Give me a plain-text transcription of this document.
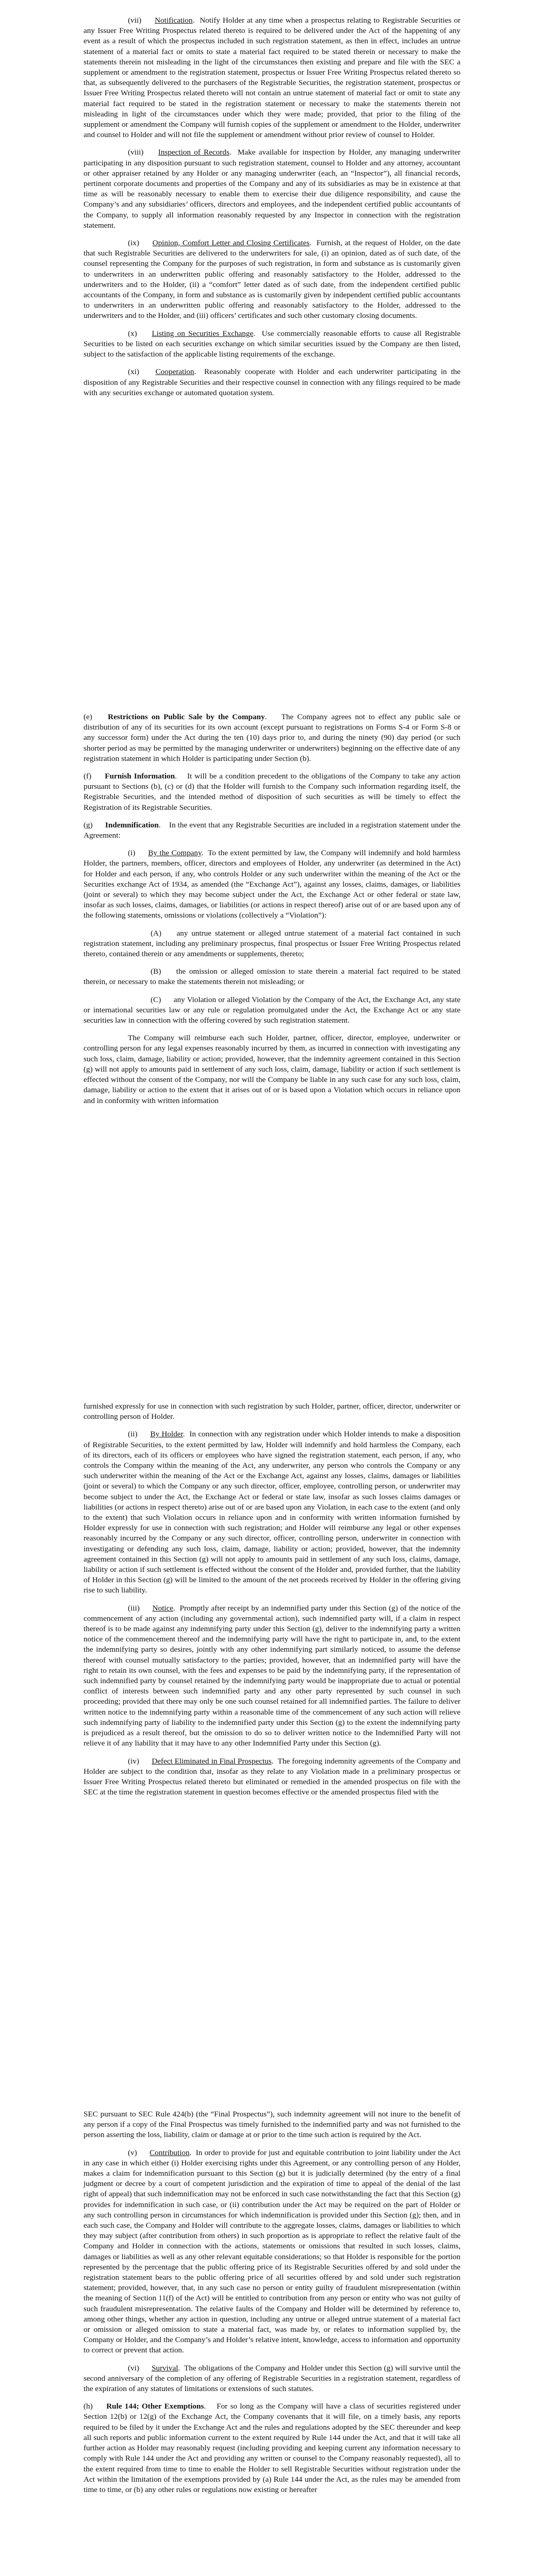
(vii) Notification.  Notify Holder at any time when a prospectus relating to Registrable Securities or any Issuer Free Writing Prospectus related thereto is required to be delivered under the Act of the happening of any event as a result of which the prospectus included in such registration statement, as then in effect, includes an untrue statement of a material fact or omits to state a material fact required to be stated therein or necessary to make the statements therein not misleading in the light of the circumstances then existing and prepare and file with the SEC a supplement or amendment to the registration statement, prospectus or Issuer Free Writing Prospectus related thereto so that, as subsequently delivered to the purchasers of the Registrable Securities, the registration statement, prospectus or Issuer Free Writing Prospectus related thereto will not contain an untrue statement of material fact or omit to state any material fact required to be stated in the registration statement or necessary to make the statements therein not misleading in light of the circumstances under which they were made; provided, that prior to the filing of the supplement or amendment the Company will furnish copies of the supplement or amendment to the Holder, underwriter and counsel to Holder and will not file the supplement or amendment without prior review of counsel to Holder.

(viii) Inspection of Records.  Make available for inspection by Holder, any managing underwriter participating in any disposition pursuant to such registration statement, counsel to Holder and any attorney, accountant or other appraiser retained by any Holder or any managing underwriter (each, an “Inspector”), all financial records, pertinent corporate documents and properties of the Company and any of its subsidiaries as may be in existence at that time as will be reasonably necessary to enable them to exercise their due diligence responsibility, and cause the Company’s and any subsidiaries’ officers, directors and employees, and the independent certified public accountants of the Company, to supply all information reasonably requested by any Inspector in connection with the registration statement.

(ix) Opinion, Comfort Letter and Closing Certificates.  Furnish, at the request of Holder, on the date that such Registrable Securities are delivered to the underwriters for sale, (i) an opinion, dated as of such date, of the counsel representing the Company for the purposes of such registration, in form and substance as is customarily given to underwriters in an underwritten public offering and reasonably satisfactory to the Holder, addressed to the underwriters and to the Holder, (ii) a “comfort” letter dated as of such date, from the independent certified public accountants of the Company, in form and substance as is customarily given by independent certified public accountants to underwriters in an underwritten public offering and reasonably satisfactory to the Holder, addressed to the underwriters and to the Holder, and (iii) officers’ certificates and such other customary closing documents.

(x) Listing on Securities Exchange.  Use commercially reasonable efforts to cause all Registrable Securities to be listed on each securities exchange on which similar securities issued by the Company are then listed, subject to the satisfaction of the applicable listing requirements of the exchange.

(xi) Cooperation.  Reasonably cooperate with Holder and each underwriter participating in the disposition of any Registrable Securities and their respective counsel in connection with any filings required to be made with any securities exchange or automated quotation system.

(e) Restrictions on Public Sale by the Company.    The Company agrees not to effect any public sale or distribution of any of its securities for its own account (except pursuant to registrations on Forms S-4 or Form S-8 or any successor form) under the Act during the ten (10) days prior to, and during the ninety (90) day period (or such shorter period as may be permitted by the managing underwriter or underwriters) beginning on the effective date of any registration statement in which Holder is participating under Section (b).

(f) Furnish Information.    It will be a condition precedent to the obligations of the Company to take any action pursuant to Sections (b), (c) or (d) that the Holder will furnish to the Company such information regarding itself, the Registrable Securities, and the intended method of disposition of such securities as will be timely to effect the Registration of its Registrable Securities.

(g) Indemnification.    In the event that any Registrable Securities are included in a registration statement under the Agreement:

(i) By the Company.  To the extent permitted by law, the Company will indemnify and hold harmless Holder, the partners, members, officer, directors and employees of Holder, any underwriter (as determined in the Act) for Holder and each person, if any, who controls Holder or any such underwriter within the meaning of the Act or the Securities exchange Act of 1934, as amended (the “Exchange Act”), against any losses, claims, damages, or liabilities (joint or several) to which they may become subject under the Act, the Exchange Act or other federal or state law, insofar as such losses, claims, damages, or liabilities (or actions in respect thereof) arise out of or are based upon any of the following statements, omissions or violations (collectively a “Violation”):

(A) any untrue statement or alleged untrue statement of a material fact contained in such registration statement, including any preliminary prospectus, final prospectus or Issuer Free Writing Prospectus related thereto, contained therein or any amendments or supplements, thereto;

(B) the omission or alleged omission to state therein a material fact required to be stated therein, or necessary to make the statements therein not misleading; or

(C) any Violation or alleged Violation by the Company of the Act, the Exchange Act, any state or international securities law or any rule or regulation promulgated under the Act, the Exchange Act or any state securities law in connection with the offering covered by such registration statement.

The Company will reimburse each such Holder, partner, officer, director, employee, underwriter or controlling person for any legal expenses reasonably incurred by them, as incurred in connection with investigating any such loss, claim, damage, liability or action; provided, however, that the indemnity agreement contained in this Section (g) will not apply to amounts paid in settlement of any such loss, claim, damage, liability or action if such settlement is effected without the consent of the Company, nor will the Company be liable in any such case for any such loss, claim, damage, liability or action to the extent that it arises out of or is based upon a Violation which occurs in reliance upon and in conformity with written information

furnished expressly for use in connection with such registration by such Holder, partner, officer, director, underwriter or controlling person of Holder.

(ii) By Holder.  In connection with any registration under which Holder intends to make a disposition of Registrable Securities, to the extent permitted by law, Holder will indemnify and hold harmless the Company, each of its directors, each of its officers or employees who have signed the registration statement, each person, if any, who controls the Company within the meaning of the Act, any underwriter, any person who controls the Company or any such underwriter within the meaning of the Act or the Exchange Act, against any losses, claims, damages or liabilities (joint or several) to which the Company or any such director, officer, employee, controlling person, or underwriter may become subject to under the Act, the Exchange Act or federal or state law, insofar as such losses claims damages or liabilities (or actions in respect thereto) arise out of or are based upon any Violation, in each case to the extent (and only to the extent) that such Violation occurs in reliance upon and in conformity with written information furnished by Holder expressly for use in connection with such registration; and Holder will reimburse any legal or other expenses reasonably incurred by the Company or any such director, officer, controlling person, underwriter in connection with investigating or defending any such loss, claim, damage, liability or action; provided, however, that the indemnity agreement contained in this Section (g) will not apply to amounts paid in settlement of any such loss, claims, damage, liability or action if such settlement is effected without the consent of the Holder and, provided further, that the liability of Holder in this Section (g) will be limited to the amount of the net proceeds received by Holder in the offering giving rise to such liability.

(iii) Notice.  Promptly after receipt by an indemnified party under this Section (g) of the notice of the commencement of any action (including any governmental action), such indemnified party will, if a claim in respect thereof is to be made against any indemnifying party under this Section (g), deliver to the indemnifying party a written notice of the commencement thereof and the indemnifying party will have the right to participate in, and, to the extent the indemnifying party so desires, jointly with any other indemnifying part similarly noticed, to assume the defense thereof with counsel mutually satisfactory to the parties; provided, however, that an indemnified party will have the right to retain its own counsel, with the fees and expenses to be paid by the indemnifying party, if the representation of such indemnified party by counsel retained by the indemnifying party would be inappropriate due to actual or potential conflict of interests between such indemnified party and any other party represented by such counsel in such proceeding; provided that there may only be one such counsel retained for all indemnified parties. The failure to deliver written notice to the indemnifying party within a reasonable time of the commencement of any such action will relieve such indemnifying party of liability to the indemnified party under this Section (g) to the extent the indemnifying party is prejudiced as a result thereof, but the omission to do so to deliver written notice to the Indemnified Party will not relieve it of any liability that it may have to any other Indemnified Party under this Section (g).

(iv) Defect Eliminated in Final Prospectus.  The foregoing indemnity agreements of the Company and Holder are subject to the condition that, insofar as they relate to any Violation made in a preliminary prospectus or Issuer Free Writing Prospectus related thereto but eliminated or remedied in the amended prospectus on file with the SEC at the time the registration statement in question becomes effective or the amended prospectus filed with the

SEC pursuant to SEC Rule 424(b) (the “Final Prospectus”), such indemnity agreement will not inure to the benefit of any person if a copy of the Final Prospectus was timely furnished to the indemnified party and was not furnished to the person asserting the loss, liability, claim or damage at or prior to the time such action is required by the Act.

(v) Contribution.  In order to provide for just and equitable contribution to joint liability under the Act in any case in which either (i) Holder exercising rights under this Agreement, or any controlling person of any Holder, makes a claim for indemnification pursuant to this Section (g) but it is judicially determined (by the entry of a final judgment or decree by a court of competent jurisdiction and the expiration of time to appeal of the denial of the last right of appeal) that such indemnification may not be enforced in such case notwithstanding the fact that this Section (g) provides for indemnification in such case, or (ii) contribution under the Act may be required on the part of Holder or any such controlling person in circumstances for which indemnification is provided under this Section (g); then, and in each such case, the Company and Holder will contribute to the aggregate losses, claims, damages or liabilities to which they may subject (after contribution from others) in such proportion as is appropriate to reflect the relative fault of the Company and Holder in connection with the actions, statements or omissions that resulted in such losses, claims, damages or liabilities as well as any other relevant equitable considerations; so that Holder is responsible for the portion represented by the percentage that the public offering price of its Registrable Securities offered by and sold under the registration statement bears to the public offering price of all securities offered by and sold under such registration statement; provided, however, that, in any such case no person or entity guilty of fraudulent misrepresentation (within the meaning of Section 11(f) of the Act) will be entitled to contribution from any person or entity who was not guilty of such fraudulent misrepresentation. The relative faults of the Company and Holder will be determined by reference to, among other things, whether any action in question, including any untrue or alleged untrue statement of a material fact or omission or alleged omission to state a material fact, was made by, or relates to information supplied by, the Company or Holder, and the Company’s and Holder’s relative intent, knowledge, access to information and opportunity to correct or prevent that action.

(vi) Survival.  The obligations of the Company and Holder under this Section (g) will survive until the second anniversary of the completion of any offering of Registrable Securities in a registration statement, regardless of the expiration of any statutes of limitations or extensions of such statutes.

(h) Rule 144; Other Exemptions.    For so long as the Company will have a class of securities registered under Section 12(b) or 12(g) of the Exchange Act, the Company covenants that it will file, on a timely basis, any reports required to be filed by it under the Exchange Act and the rules and regulations adopted by the SEC thereunder and keep all such reports and public information current to the extent required by Rule 144 under the Act, and that it will take all further action as Holder may reasonably request (including providing and keeping current any information necessary to comply with Rule 144 under the Act and providing any written or counsel to the Company reasonably requested), all to the extent required from time to time to enable the Holder to sell Registrable Securities without registration under the Act within the limitation of the exemptions provided by (a) Rule 144 under the Act, as the rules may be amended from time to time, or (b) any other rules or regulations now existing or hereafter
